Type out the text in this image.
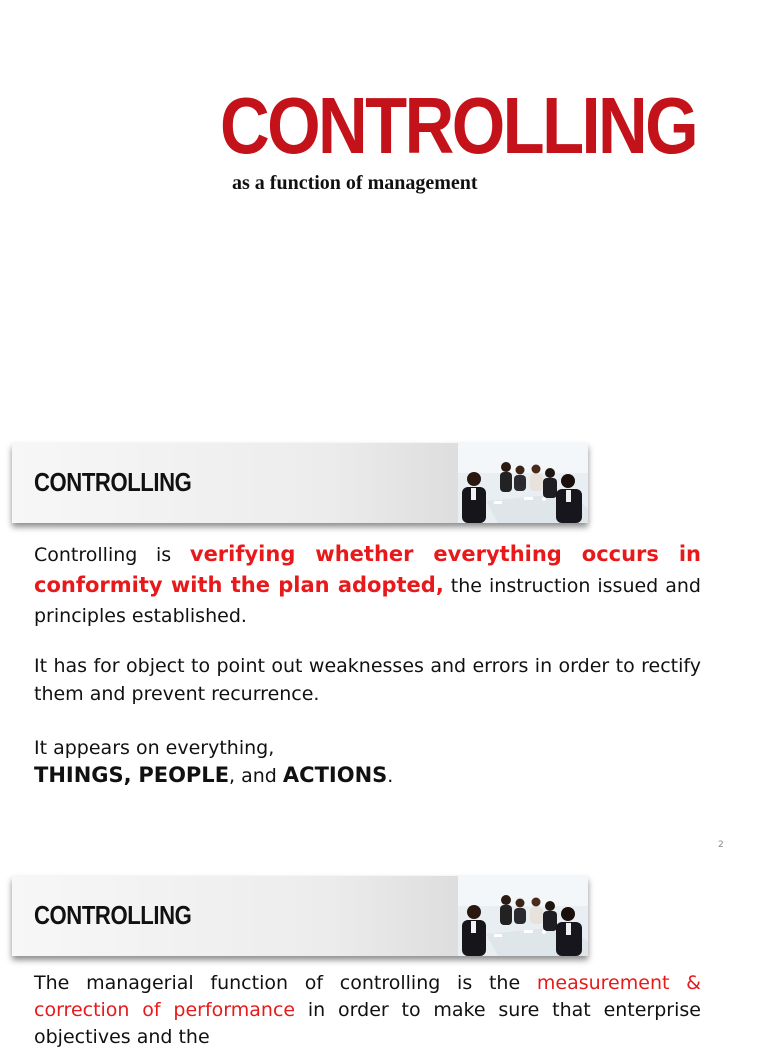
CONTROLLING

as a function of management

CONTROLLING

Controlling is verifying whether everything occurs in conformity with the plan adopted, the instruction issued and principles established.

It has for object to point out weaknesses and errors in order to rectify them and prevent recurrence.

It appears on everything,

THINGS, PEOPLE, and ACTIONS.

2
CONTROLLING

The managerial function of controlling is the measurement & correction of performance in order to make sure that enterprise objectives and the
